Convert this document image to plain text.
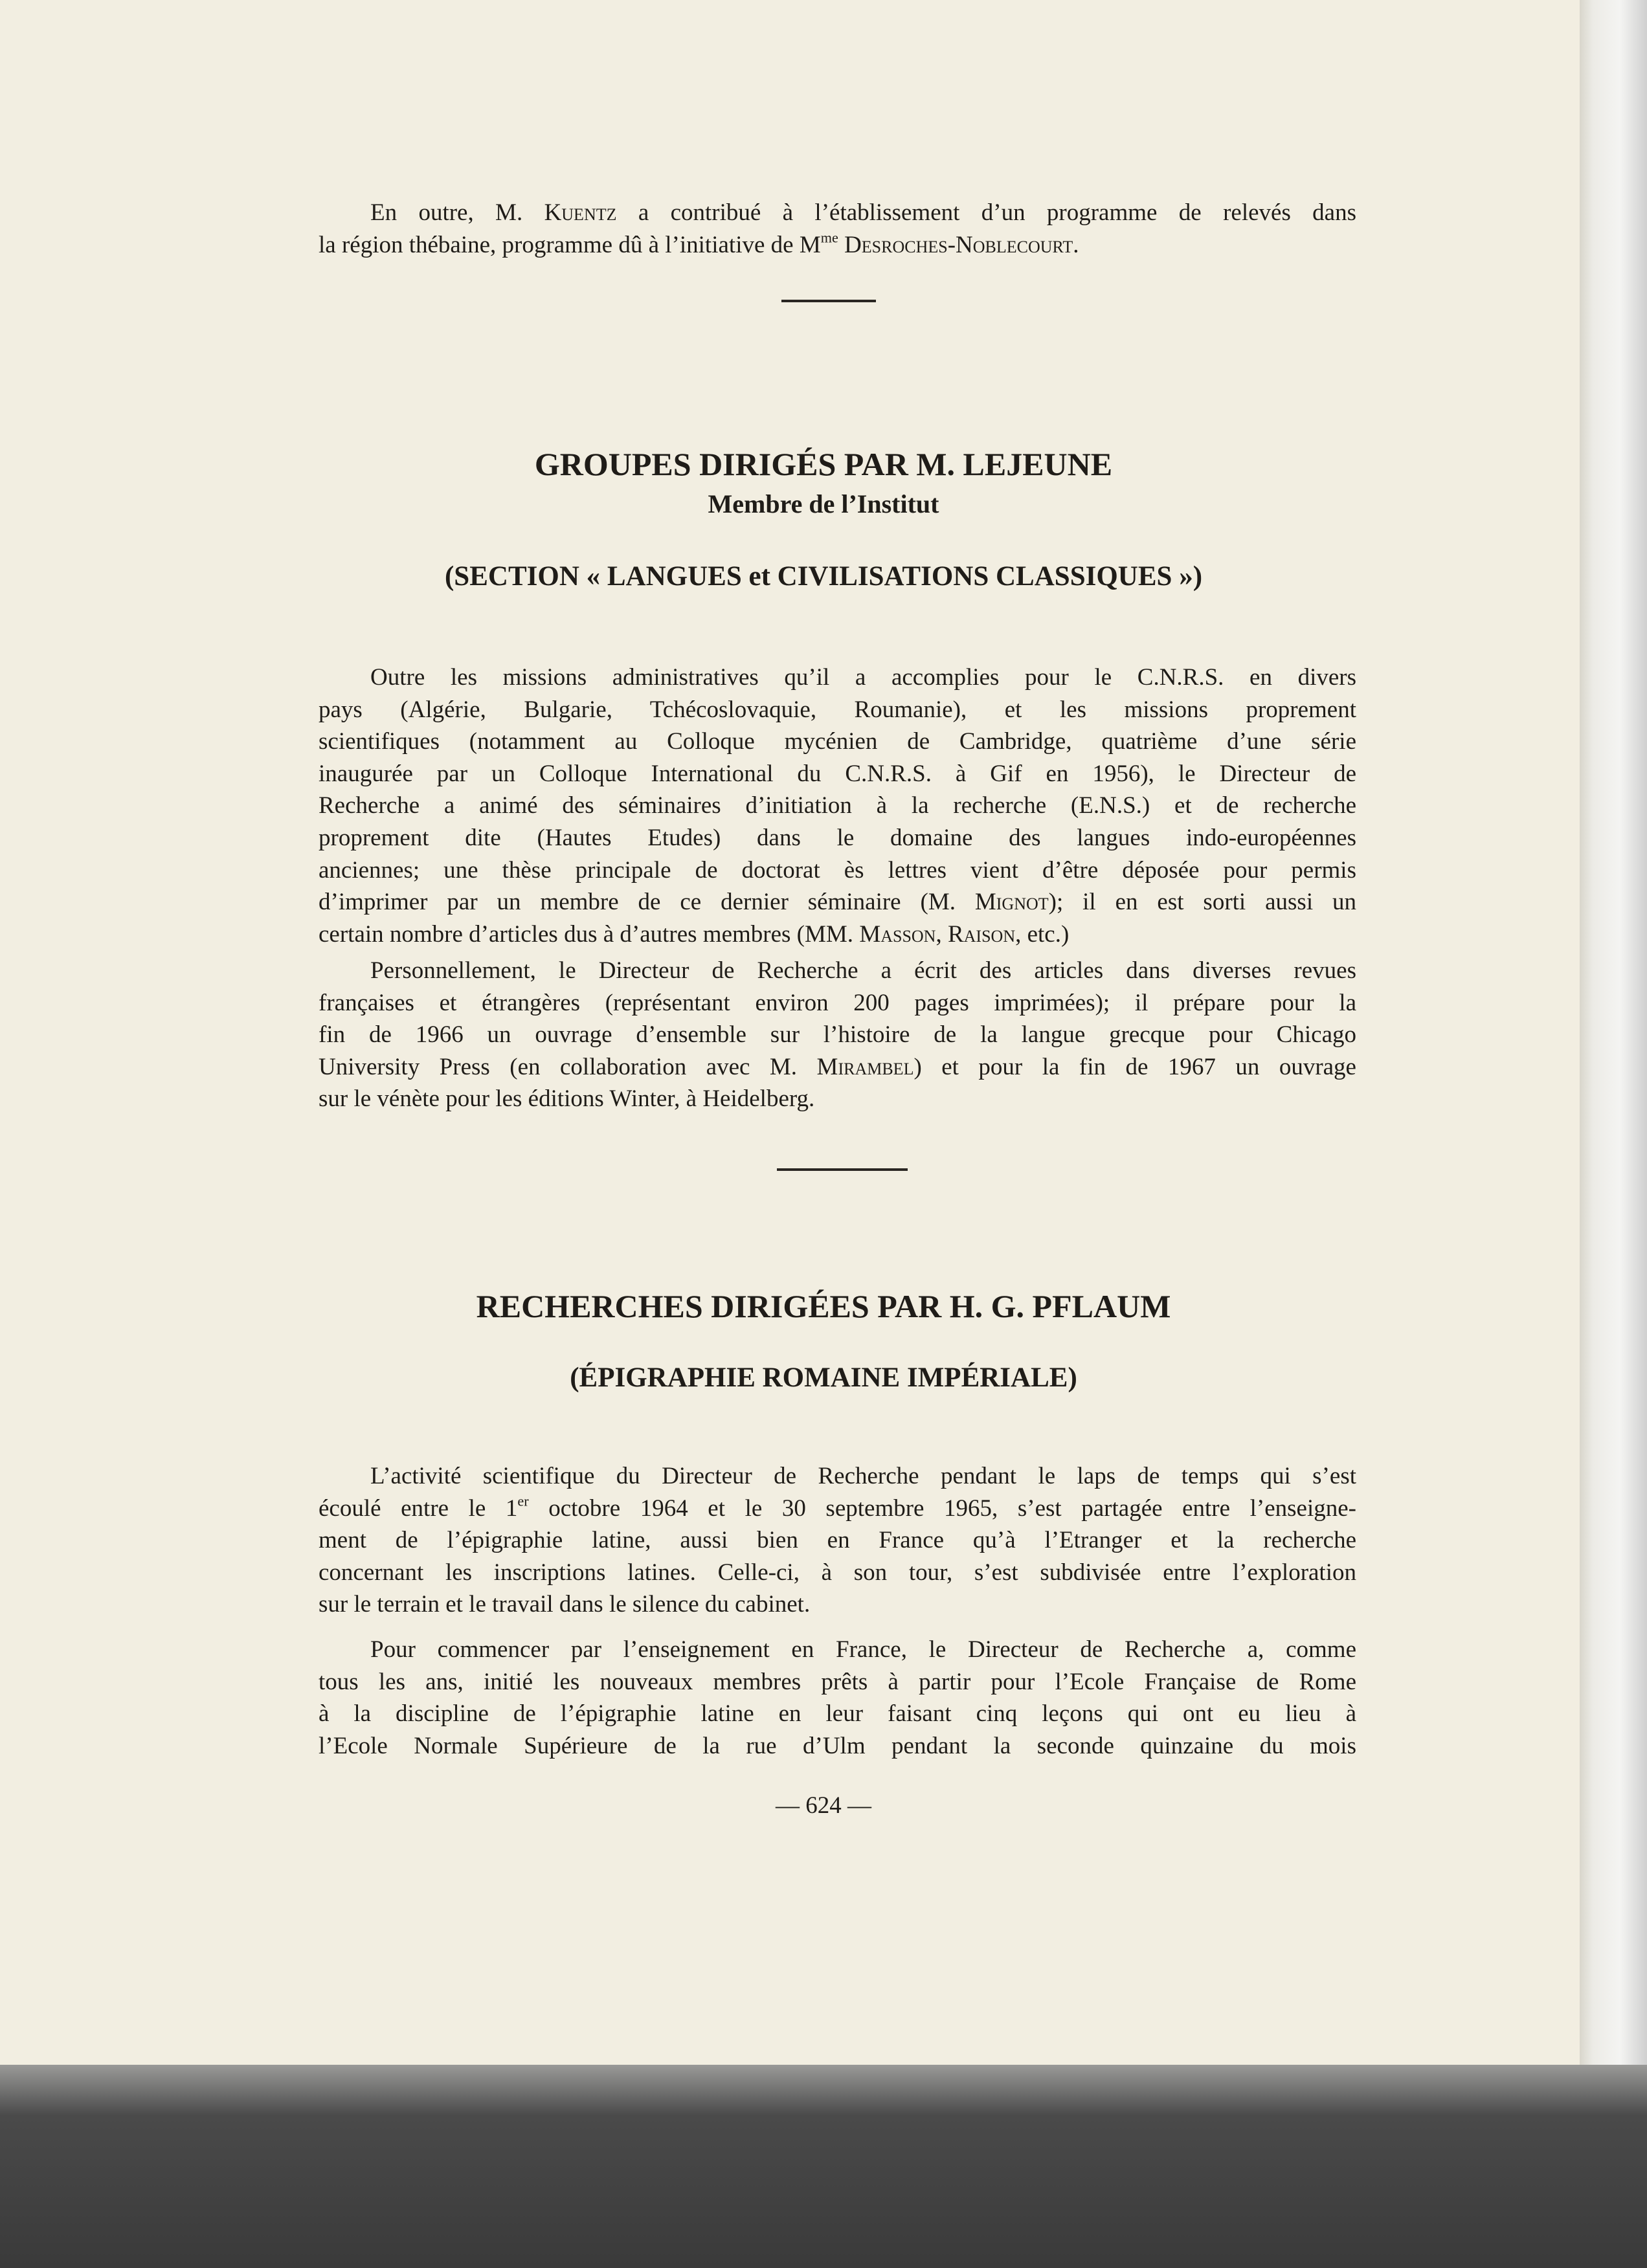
En outre, M. Kuentz a contribué à l’établissement d’un programme de relevés dans
la région thébaine, programme dû à l’initiative de $M^{me}$ Desroches-Noblecourt.
GROUPES DIRIGÉS PAR M. LEJEUNE
Membre de l’Institut
(SECTION « LANGUES et CIVILISATIONS CLASSIQUES »)
Outre les missions administratives qu’il a accomplies pour le C.N.R.S. en divers
pays (Algérie, Bulgarie, Tchécoslovaquie, Roumanie), et les missions proprement
scientifiques (notamment au Colloque mycénien de Cambridge, quatrième d’une série
inaugurée par un Colloque International du C.N.R.S. à Gif en 1956), le Directeur de
Recherche a animé des séminaires d’initiation à la recherche (E.N.S.) et de recherche
proprement dite (Hautes Etudes) dans le domaine des langues indo-européennes
anciennes; une thèse principale de doctorat ès lettres vient d’être déposée pour permis
d’imprimer par un membre de ce dernier séminaire (M. Mignot); il en est sorti aussi un
certain nombre d’articles dus à d’autres membres (MM. Masson, Raison, etc.)
Personnellement, le Directeur de Recherche a écrit des articles dans diverses revues
françaises et étrangères (représentant environ 200 pages imprimées); il prépare pour la
fin de 1966 un ouvrage d’ensemble sur l’histoire de la langue grecque pour Chicago
University Press (en collaboration avec M. Mirambel) et pour la fin de 1967 un ouvrage
sur le vénète pour les éditions Winter, à Heidelberg.
RECHERCHES DIRIGÉES PAR H. G. PFLAUM
(ÉPIGRAPHIE ROMAINE IMPÉRIALE)
L’activité scientifique du Directeur de Recherche pendant le laps de temps qui s’est
écoulé entre le 1er octobre 1964 et le 30 septembre 1965, s’est partagée entre l’enseigne-
ment de l’épigraphie latine, aussi bien en France qu’à l’Etranger et la recherche
concernant les inscriptions latines. Celle-ci, à son tour, s’est subdivisée entre l’exploration
sur le terrain et le travail dans le silence du cabinet.
Pour commencer par l’enseignement en France, le Directeur de Recherche a, comme
tous les ans, initié les nouveaux membres prêts à partir pour l’Ecole Française de Rome
à la discipline de l’épigraphie latine en leur faisant cinq leçons qui ont eu lieu à
l’Ecole Normale Supérieure de la rue d’Ulm pendant la seconde quinzaine du mois
— 624 —
